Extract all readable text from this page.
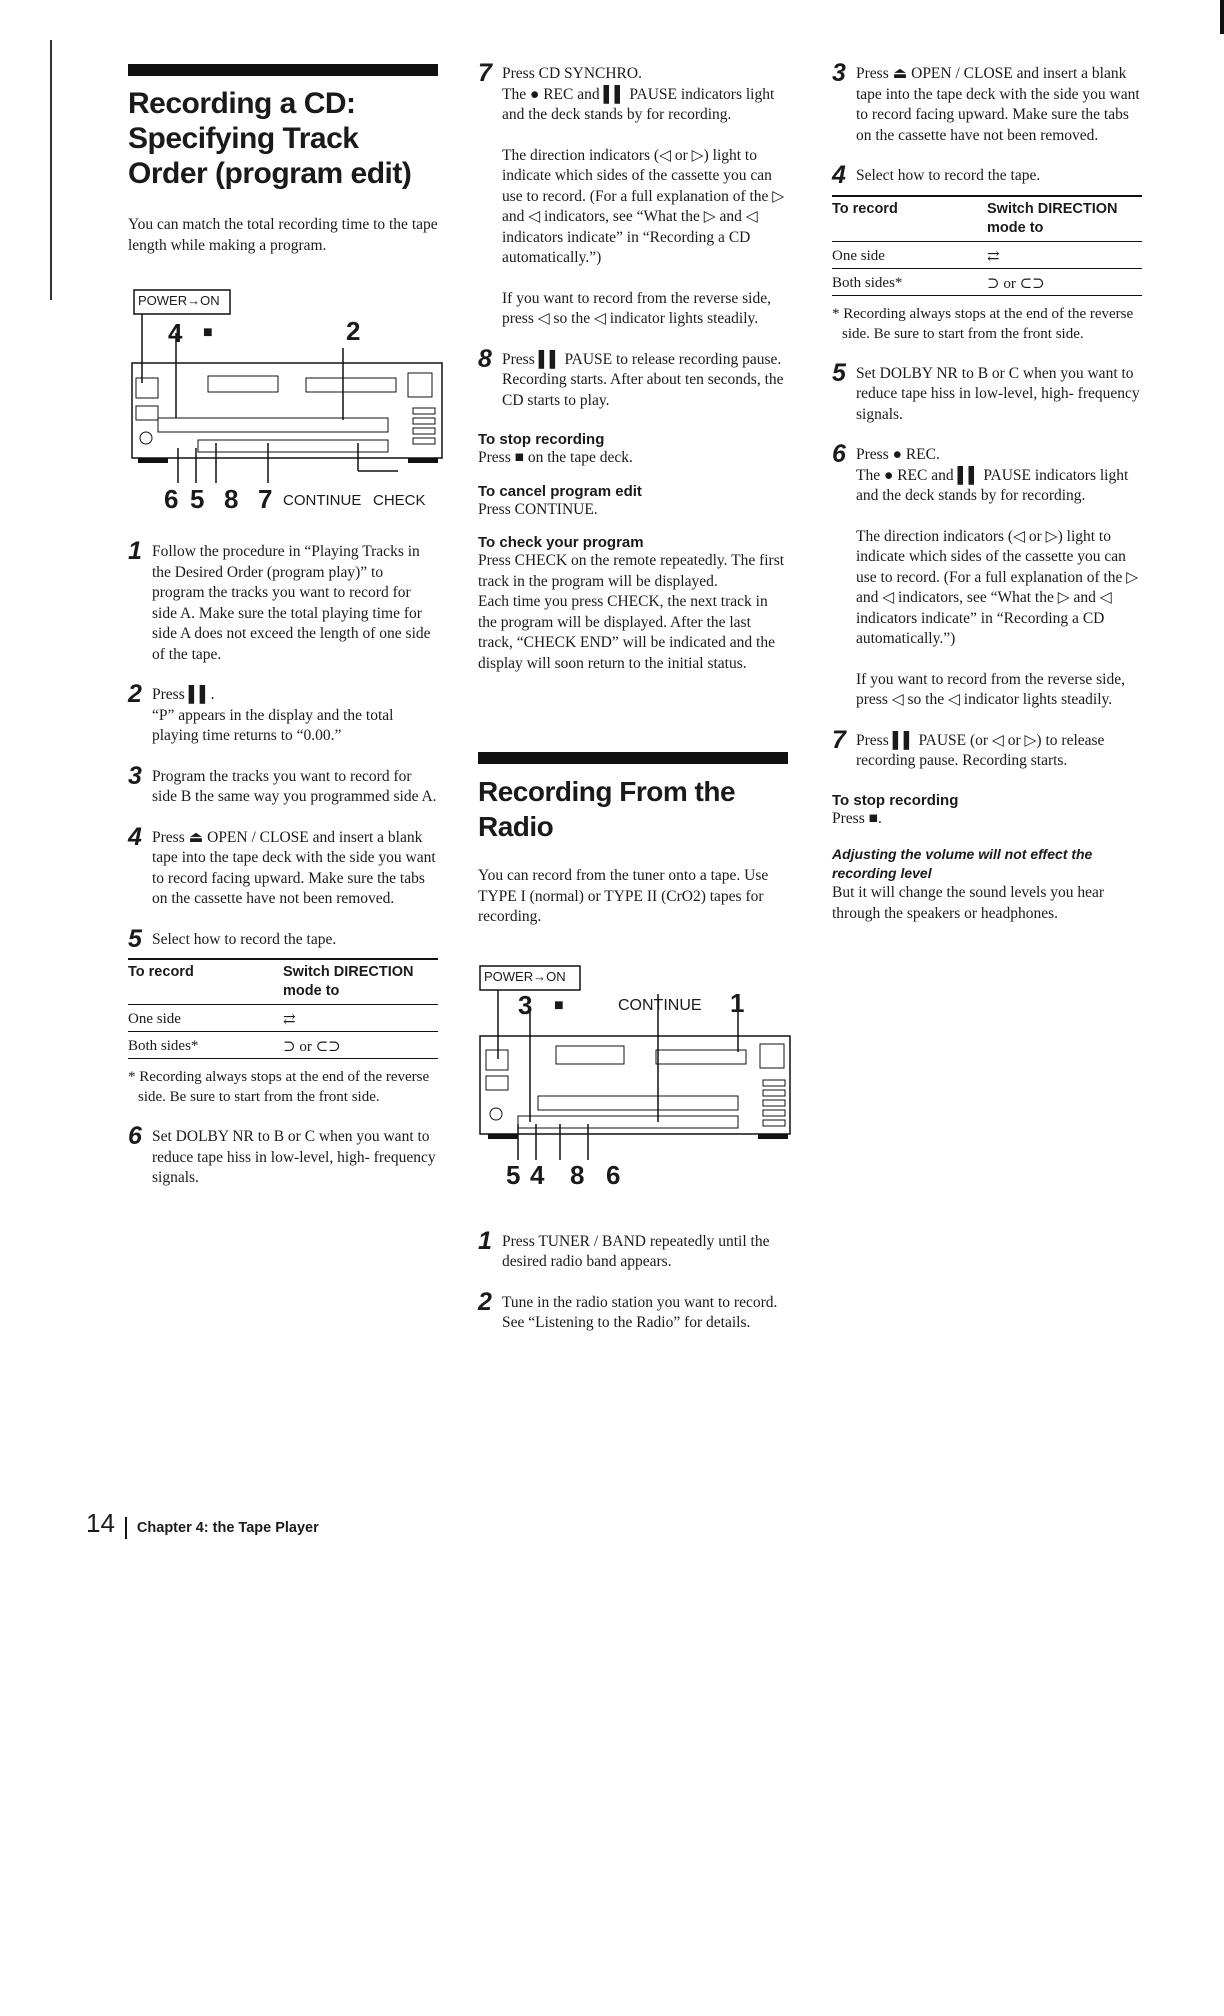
Recording a CD: Specifying Track Order (program edit)

You can match the total recording time to the tape length while making a program.

POWER→ON
4 ■	2
6 5 8 7 CONTINUE CHECK
1 Follow the procedure in “Playing Tracks in the Desired Order (program play)” to program the tracks you want to record for side A. Make sure the total playing time for side A does not exceed the length of one side of the tape.

2 Press ▌▌.

“P” appears in the display and the total playing time returns to “0.00.”

3 Program the tracks you want to record for side B the same way you programmed side A.

4 Press ⏏ OPEN / CLOSE and insert a blank tape into the tape deck with the side you want to record facing upward. Make sure the tabs on the cassette have not been removed.

5 Select how to record the tape.

To record	Switch DIRECTION mode to
One side	⇄
Both sides*	⊃ or ⊂⊃

* Recording always stops at the end of the reverse side. Be sure to start from the front side.

6 Set DOLBY NR to B or C when you want to reduce tape hiss in low-level, high- frequency signals.

7 Press CD SYNCHRO.

The ● REC and ▌▌ PAUSE indicators light and the deck stands by for recording.

The direction indicators (◁ or ▷) light to indicate which sides of the cassette you can use to record. (For a full explanation of the ▷ and ◁ indicators, see “What the ▷ and ◁ indicators indicate” in “Recording a CD automatically.”)

If you want to record from the reverse side, press ◁ so the ◁ indicator lights steadily.

8 Press ▌▌ PAUSE to release recording pause.

Recording starts. After about ten seconds, the CD starts to play.

To stop recording

Press ■ on the tape deck.

To cancel program edit

Press CONTINUE.

To check your program

Press CHECK on the remote repeatedly. The first track in the program will be displayed.

Each time you press CHECK, the next track in the program will be displayed. After the last track, “CHECK END” will be indicated and the display will soon return to the initial status.

Recording From the Radio

You can record from the tuner onto a tape. Use TYPE I (normal) or TYPE II (CrO2) tapes for recording.

POWER→ON
3 ■	CONTINUE 1
5 4 8 6
1 Press TUNER / BAND repeatedly until the desired radio band appears.

2 Tune in the radio station you want to record. See “Listening to the Radio” for details.

3 Press ⏏ OPEN / CLOSE and insert a blank tape into the tape deck with the side you want to record facing upward. Make sure the tabs on the cassette have not been removed.

4 Select how to record the tape.

To record	Switch DIRECTION mode to
One side	⇄
Both sides*	⊃ or ⊂⊃

* Recording always stops at the end of the reverse side. Be sure to start from the front side.

5 Set DOLBY NR to B or C when you want to reduce tape hiss in low-level, high- frequency signals.

6 Press ● REC.

The ● REC and ▌▌ PAUSE indicators light and the deck stands by for recording.

The direction indicators (◁ or ▷) light to indicate which sides of the cassette you can use to record. (For a full explanation of the ▷ and ◁ indicators, see “What the ▷ and ◁ indicators indicate” in “Recording a CD automatically.”)

If you want to record from the reverse side, press ◁ so the ◁ indicator lights steadily.

7 Press ▌▌ PAUSE (or ◁ or ▷) to release recording pause. Recording starts.

To stop recording

Press ■.

Adjusting the volume will not effect the recording level

But it will change the sound levels you hear through the speakers or headphones.

14 Chapter 4: the Tape Player
